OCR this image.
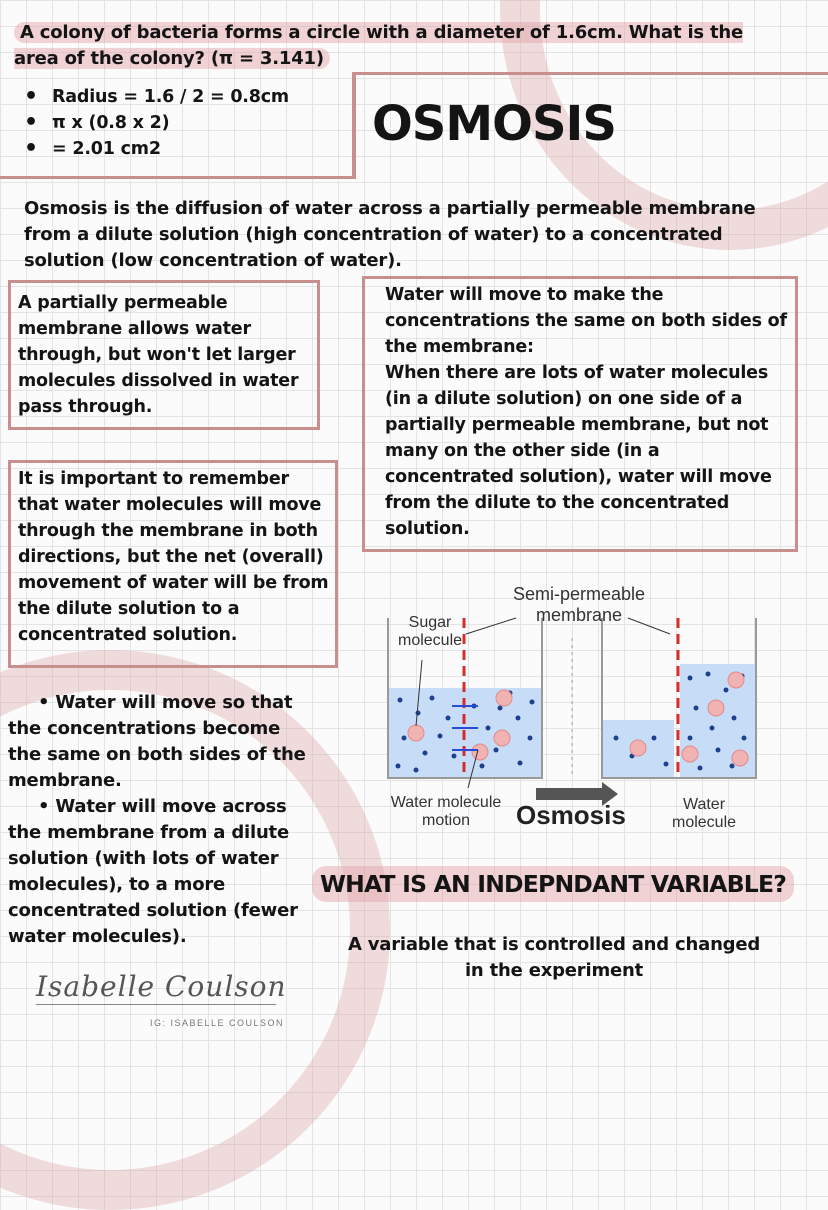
A colony of bacteria forms a circle with a diameter of 1.6cm. What is the area of the colony? (π = 3.141)
• Radius = 1.6 / 2 = 0.8cm
• π x (0.8 x 2)
• = 2.01 cm2	OSMOSIS
Osmosis is the diffusion of water across a partially permeable membrane from a dilute solution (high concentration of water) to a concentrated solution (low concentration of water).
A partially permeable membrane allows water through, but won't let larger molecules dissolved in water pass through.
Water will move to make the concentrations the same on both sides of the membrane:
When there are lots of water molecules (in a dilute solution) on one side of a partially permeable membrane, but not many on the other side (in a concentrated solution), water will move from the dilute to the concentrated solution.
It is important to remember that water molecules will move through the membrane in both directions, but the net (overall) movement of water will be from the dilute solution to a concentrated solution.
Semi-permeable membrane
Sugar molecule
Water molecule motion	Osmosis	Water molecule
• Water will move so that the concentrations become the same on both sides of the membrane.
• Water will move across the membrane from a dilute solution (with lots of water molecules), to a more concentrated solution (fewer water molecules).
WHAT IS AN INDEPNDANT VARIABLE?
A variable that is controlled and changed in the experiment
Isabelle Coulson
IG: ISABELLE COULSON
